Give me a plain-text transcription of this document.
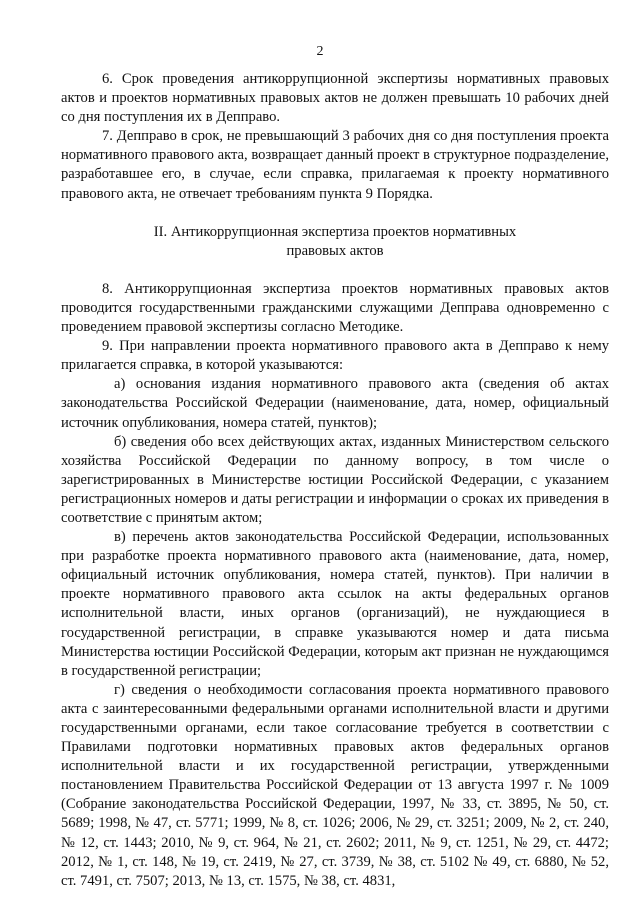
2

6. Срок проведения антикоррупционной экспертизы нормативных правовых актов и проектов нормативных правовых актов не должен превышать 10 рабочих дней со дня поступления их в Депправо.

7. Депправо в срок, не превышающий 3 рабочих дня со дня поступления проекта нормативного правового акта, возвращает данный проект в структурное подразделение, разработавшее его, в случае, если справка, прилагаемая к проекту нормативного правового акта, не отвечает требованиям пункта 9 Порядка.

II. Антикоррупционная экспертиза проектов нормативных
правовых актов

8. Антикоррупционная экспертиза проектов нормативных правовых актов проводится государственными гражданскими служащими Депправа одновременно с проведением правовой экспертизы согласно Методике.

9. При направлении проекта нормативного правового акта в Депправо к нему прилагается справка, в которой указываются:

а) основания издания нормативного правового акта (сведения об актах законодательства Российской Федерации (наименование, дата, номер, официальный источник опубликования, номера статей, пунктов);

б) сведения обо всех действующих актах, изданных Министерством сельского хозяйства Российской Федерации по данному вопросу, в том числе о зарегистрированных в Министерстве юстиции Российской Федерации, с указанием регистрационных номеров и даты регистрации и информации о сроках их приведения в соответствие с принятым актом;

в) перечень актов законодательства Российской Федерации, использованных при разработке проекта нормативного правового акта (наименование, дата, номер, официальный источник опубликования, номера статей, пунктов). При наличии в проекте нормативного правового акта ссылок на акты федеральных органов исполнительной власти, иных органов (организаций), не нуждающиеся в государственной регистрации, в справке указываются номер и дата письма Министерства юстиции Российской Федерации, которым акт признан не нуждающимся в государственной регистрации;

г) сведения о необходимости согласования проекта нормативного правового акта с заинтересованными федеральными органами исполнительной власти и другими государственными органами, если такое согласование требуется в соответствии с Правилами подготовки нормативных правовых актов федеральных органов исполнительной власти и их государственной регистрации, утвержденными постановлением Правительства Российской Федерации от 13 августа 1997 г. № 1009 (Собрание законодательства Российской Федерации, 1997, № 33, ст. 3895, № 50, ст. 5689; 1998, № 47, ст. 5771; 1999, № 8, ст. 1026; 2006, № 29, ст. 3251; 2009, № 2, ст. 240, № 12, ст. 1443; 2010, № 9, ст. 964, № 21, ст. 2602; 2011, № 9, ст. 1251, № 29, ст. 4472; 2012, № 1, ст. 148, № 19, ст. 2419, № 27, ст. 3739, № 38, ст. 5102 № 49, ст. 6880, № 52, ст. 7491, ст. 7507; 2013, № 13, ст. 1575, № 38, ст. 4831,
